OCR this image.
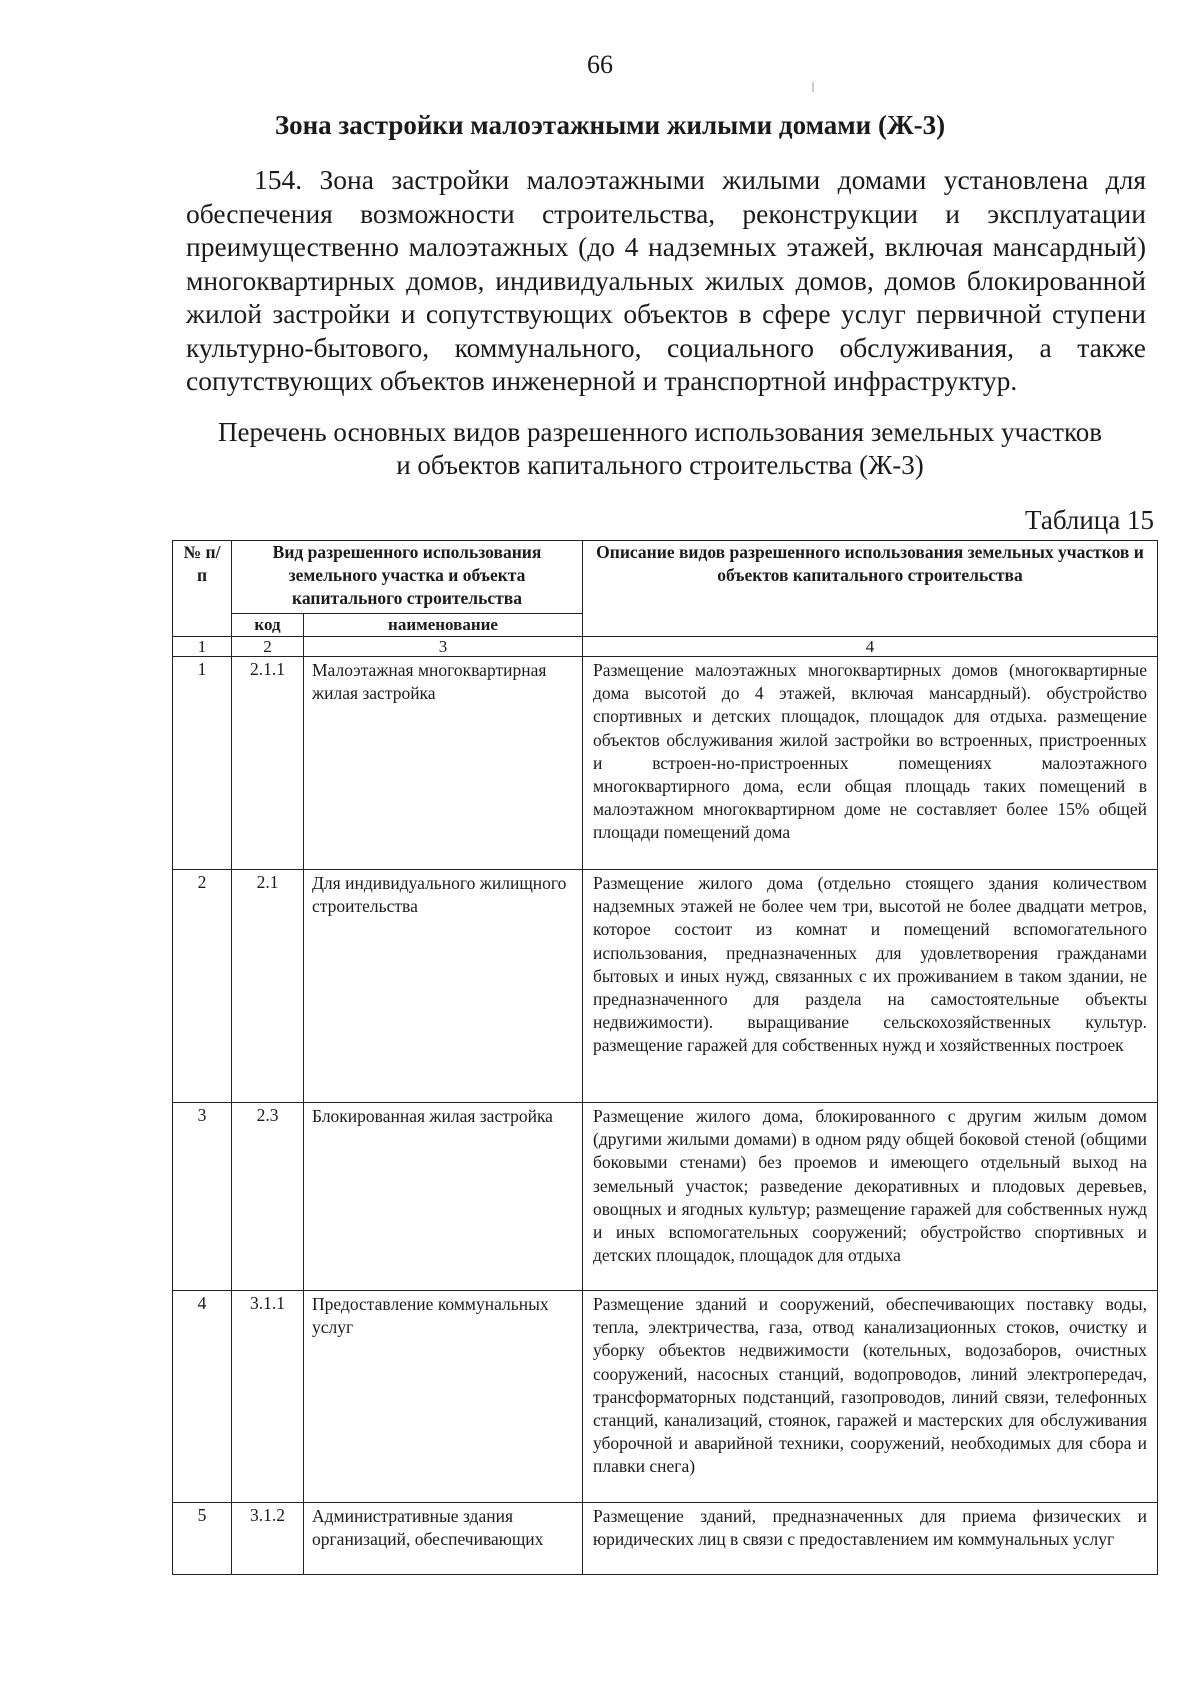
66
Зона застройки малоэтажными жилыми домами (Ж-3)
154. Зона застройки малоэтажными жилыми домами установлена для обеспечения возможности строительства, реконструкции и эксплуатации преимущественно малоэтажных (до 4 надземных этажей, включая мансардный) многоквартирных домов, индивидуальных жилых домов, домов блокированной жилой застройки и сопутствующих объектов в сфере услуг первичной ступени культурно-бытового, коммунального, социального обслуживания, а также сопутствующих объектов инженерной и транспортной инфраструктур.
Перечень основных видов разрешенного использования земельных участков
и объектов капитального строительства (Ж-3)
Таблица 15
№ п/п	Вид разрешенного использования земельного участка и объекта капитального строительства		Описание видов разрешенного использования земельных участков и объектов капитального строительства
	код	наименование	
1	2	3	4
1	2.1.1	Малоэтажная многоквартирная жилая застройка	Размещение малоэтажных многоквартирных домов (многоквартирные дома высотой до 4 этажей, включая мансардный). обустройство спортивных и детских площадок, площадок для отдыха. размещение объектов обслуживания жилой застройки во встроенных, пристроенных и встроен-но-пристроенных помещениях малоэтажного многоквартирного дома, если общая площадь таких помещений в малоэтажном многоквартирном доме не составляет более 15% общей площади помещений дома
2	2.1	Для индивидуального жилищного строительства	Размещение жилого дома (отдельно стоящего здания количеством надземных этажей не более чем три, высотой не более двадцати метров, которое состоит из комнат и помещений вспомогательного использования, предназначенных для удовлетворения гражданами бытовых и иных нужд, связанных с их проживанием в таком здании, не предназначенного для раздела на самостоятельные объекты недвижимости). выращивание сельскохозяйственных культур. размещение гаражей для собственных нужд и хозяйственных построек
3	2.3	Блокированная жилая застройка	Размещение жилого дома, блокированного с другим жилым домом (другими жилыми домами) в одном ряду общей боковой стеной (общими боковыми стенами) без проемов и имеющего отдельный выход на земельный участок; разведение декоративных и плодовых деревьев, овощных и ягодных культур; размещение гаражей для собственных нужд и иных вспомогательных сооружений; обустройство спортивных и детских площадок, площадок для отдыха
4	3.1.1	Предоставление коммунальных услуг	Размещение зданий и сооружений, обеспечивающих поставку воды, тепла, электричества, газа, отвод канализационных стоков, очистку и уборку объектов недвижимости (котельных, водозаборов, очистных сооружений, насосных станций, водопроводов, линий электропередач, трансформаторных подстанций, газопроводов, линий связи, телефонных станций, канализаций, стоянок, гаражей и мастерских для обслуживания уборочной и аварийной техники, сооружений, необходимых для сбора и плавки снега)
5	3.1.2	Административные здания организаций, обеспечивающих	Размещение зданий, предназначенных для приема физических и юридических лиц в связи с предоставлением им коммунальных услуг
